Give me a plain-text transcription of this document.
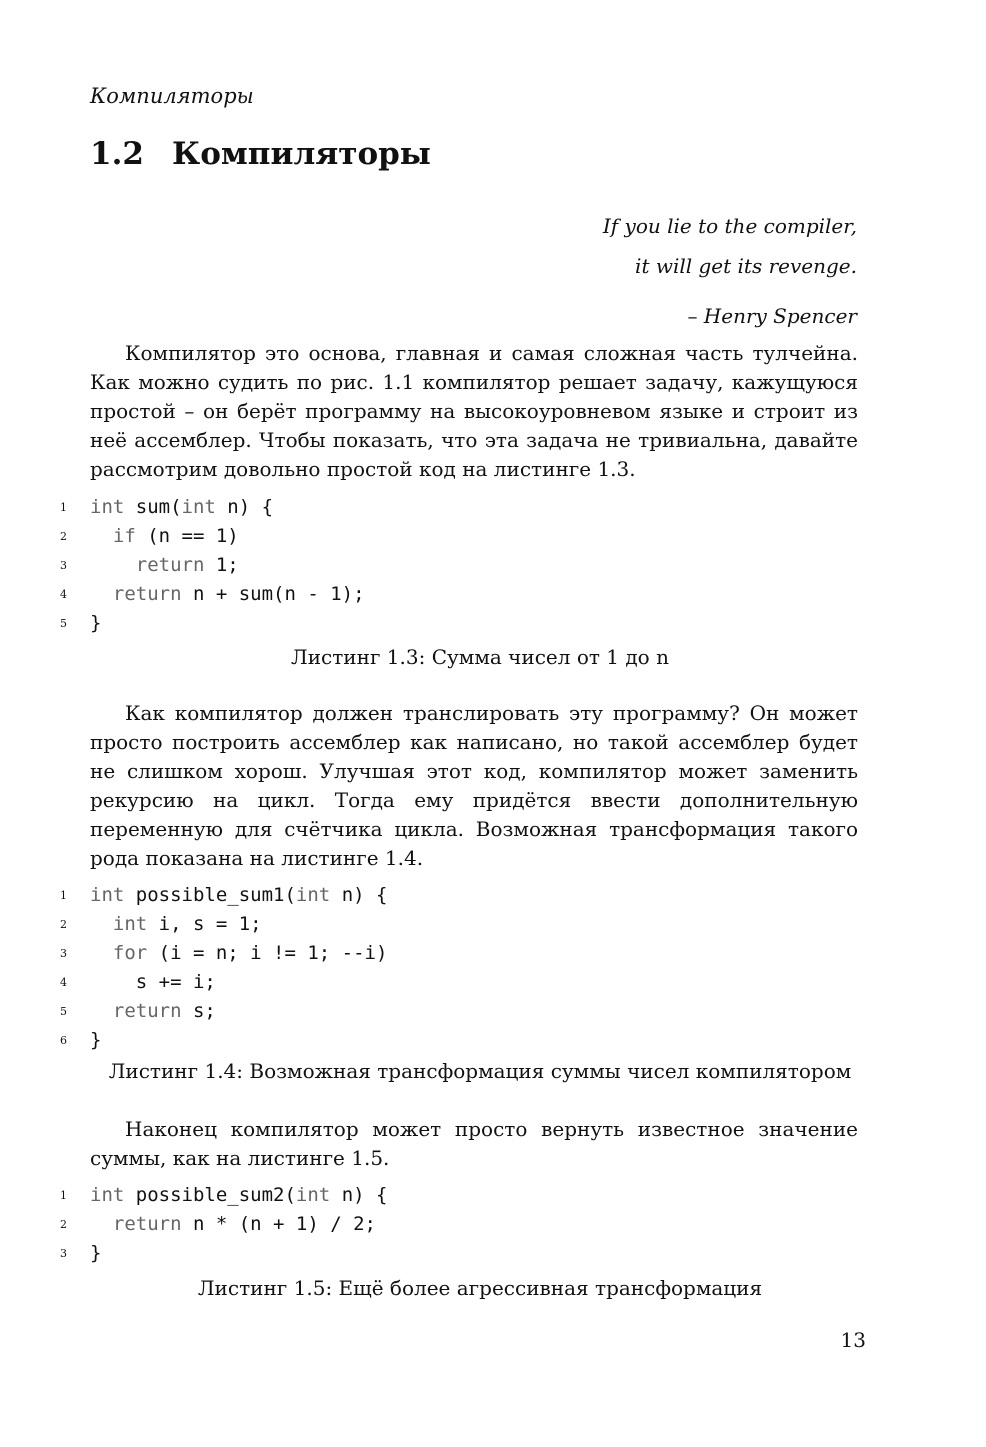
Компиляторы
1.2 Компиляторы
If you lie to the compiler,
it will get its revenge.
– Henry Spencer

Компилятор это основа, главная и самая сложная часть тулчейна. Как можно судить по рис. 1.1 компилятор решает задачу, кажущуюся простой – он берёт программу на высокоуровневом языке и строит из неё ассемблер. Чтобы показать, что эта задача не тривиальна, давайте рассмотрим довольно простой код на листинге 1.3.

1	int sum( int n) {
2
	if (n == 1)
3
	return 1;
4
	return n + sum(n - 1);
5	}
Листинг 1.3: Сумма чисел от 1 до n

Как компилятор должен транслировать эту программу? Он может просто построить ассемблер как написано, но такой ассемблер будет не слишком хорош. Улучшая этот код, компилятор может заменить рекурсию на цикл. Тогда ему придётся ввести дополнительную переменную для счётчика цикла. Возможная трансформация такого рода показана на листинге 1.4.

1	int possible_sum1( int n) {
2
	int i, s = 1;
3
	for (i = n; i != 1; --i)
4
	s += i;
5
	return s;
6	}
Листинг 1.4: Возможная трансформация суммы чисел компилятором

Наконец компилятор может просто вернуть известное значение суммы, как на листинге 1.5.

1	int possible_sum2( int n) {
2
	return n * (n + 1) / 2;
3	}
Листинг 1.5: Ещё более агрессивная трансформация
13
